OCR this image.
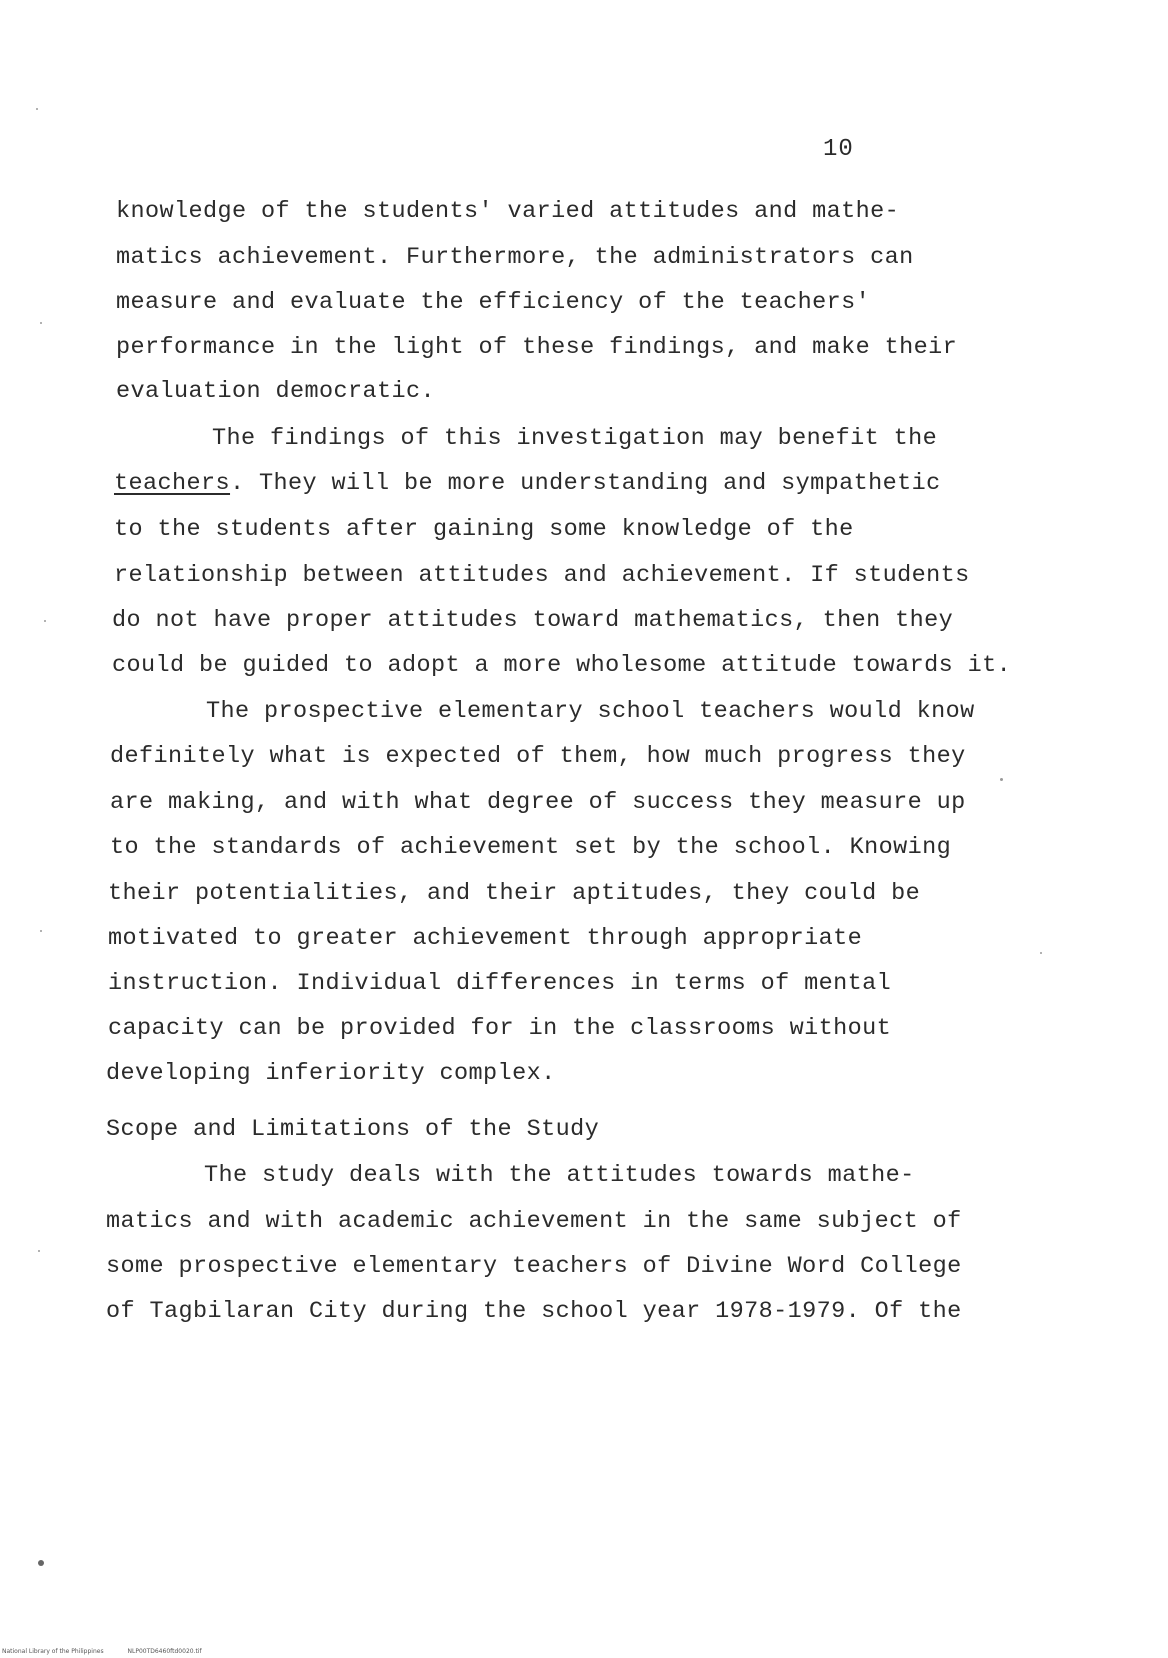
10
knowledge of the students' varied attitudes and mathe-
matics achievement. Furthermore, the administrators can
measure and evaluate the efficiency of the teachers'
performance in the light of these findings, and make their
evaluation democratic.
The findings of this investigation may benefit the
teachers. They will be more understanding and sympathetic
to the students after gaining some knowledge of the
relationship between attitudes and achievement. If students
do not have proper attitudes toward mathematics, then they
could be guided to adopt a more wholesome attitude towards it.
The prospective elementary school teachers would know
definitely what is expected of them, how much progress they
are making, and with what degree of success they measure up
to the standards of achievement set by the school. Knowing
their potentialities, and their aptitudes, they could be
motivated to greater achievement through appropriate
instruction. Individual differences in terms of mental
capacity can be provided for in the classrooms without
developing inferiority complex.
Scope and Limitations of the Study
The study deals with the attitudes towards mathe-
matics and with academic achievement in the same subject of
some prospective elementary teachers of Divine Word College
of Tagbilaran City during the school year 1978-1979. Of the
National Library of the Philippines	NLP00TD6460ftd0020.tif
